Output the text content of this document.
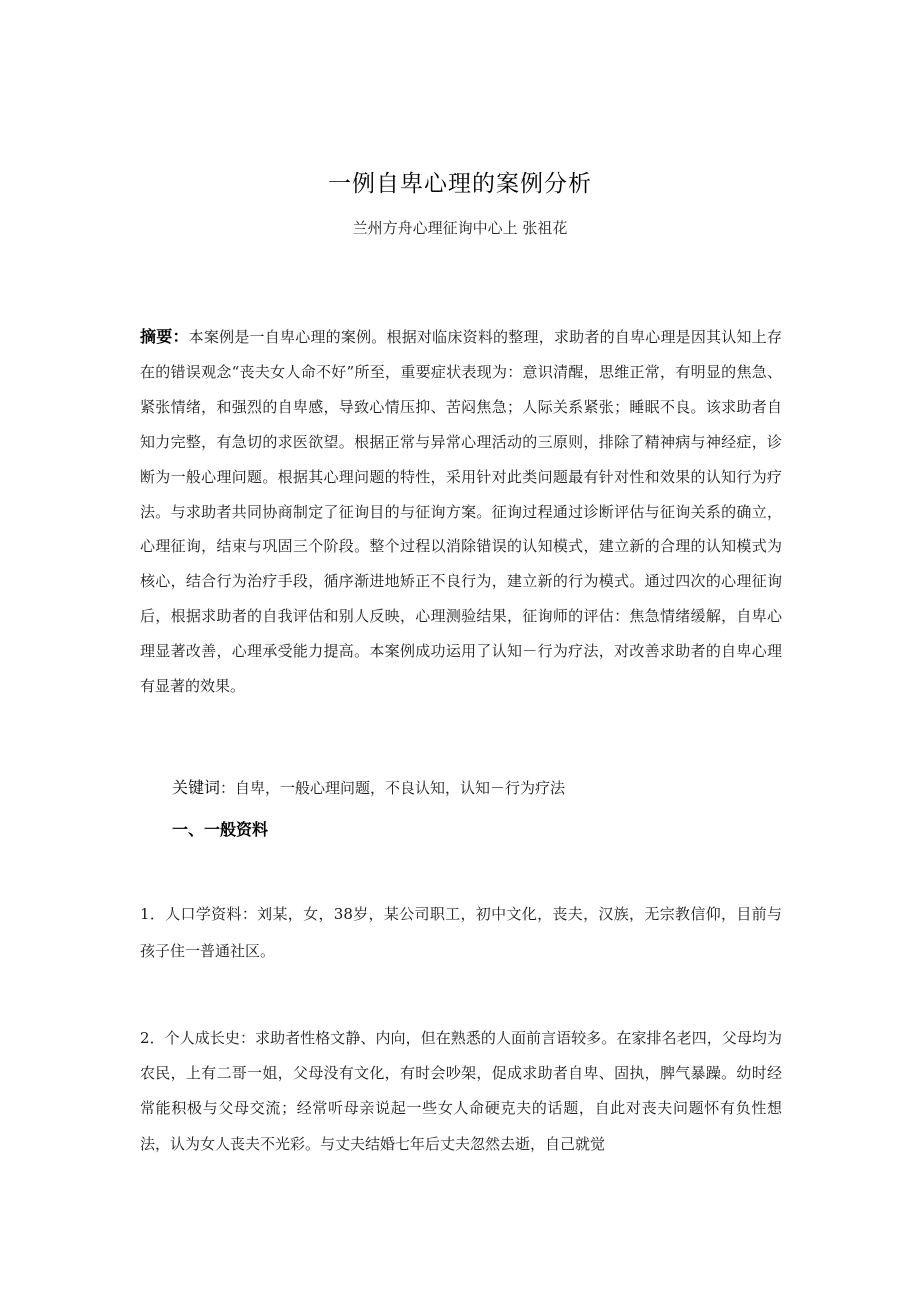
一例自卑心理的案例分析
兰州方舟心理征询中心上 张祖花
摘要：本案例是一自卑心理的案例。根据对临床资料的整理，求助者的自卑心理是因其认知上存在的错误观念“丧夫女人命不好”所至，重要症状表现为：意识清醒，思维正常，有明显的焦急、紧张情绪，和强烈的自卑感，导致心情压抑、苦闷焦急；人际关系紧张；睡眠不良。该求助者自知力完整，有急切的求医欲望。根据正常与异常心理活动的三原则，排除了精神病与神经症，诊断为一般心理问题。根据其心理问题的特性，采用针对此类问题最有针对性和效果的认知行为疗法。与求助者共同协商制定了征询目的与征询方案。征询过程通过诊断评估与征询关系的确立，心理征询，结束与巩固三个阶段。整个过程以消除错误的认知模式，建立新的合理的认知模式为核心，结合行为治疗手段，循序渐进地矫正不良行为，建立新的行为模式。通过四次的心理征询后，根据求助者的自我评估和别人反映，心理测验结果，征询师的评估：焦急情绪缓解，自卑心理显著改善，心理承受能力提高。本案例成功运用了认知－行为疗法，对改善求助者的自卑心理有显著的效果。
关键词：自卑，一般心理问题，不良认知，认知－行为疗法
一、一般资料
1．人口学资料：刘某，女，38岁，某公司职工，初中文化，丧夫，汉族，无宗教信仰，目前与孩子住一普通社区。
2．个人成长史：求助者性格文静、内向，但在熟悉的人面前言语较多。在家排名老四，父母均为农民，上有二哥一姐，父母没有文化，有时会吵架，促成求助者自卑、固执，脾气暴躁。幼时经常能积极与父母交流；经常听母亲说起一些女人命硬克夫的话题，自此对丧夫问题怀有负性想法，认为女人丧夫不光彩。与丈夫结婚七年后丈夫忽然去逝，自己就觉
